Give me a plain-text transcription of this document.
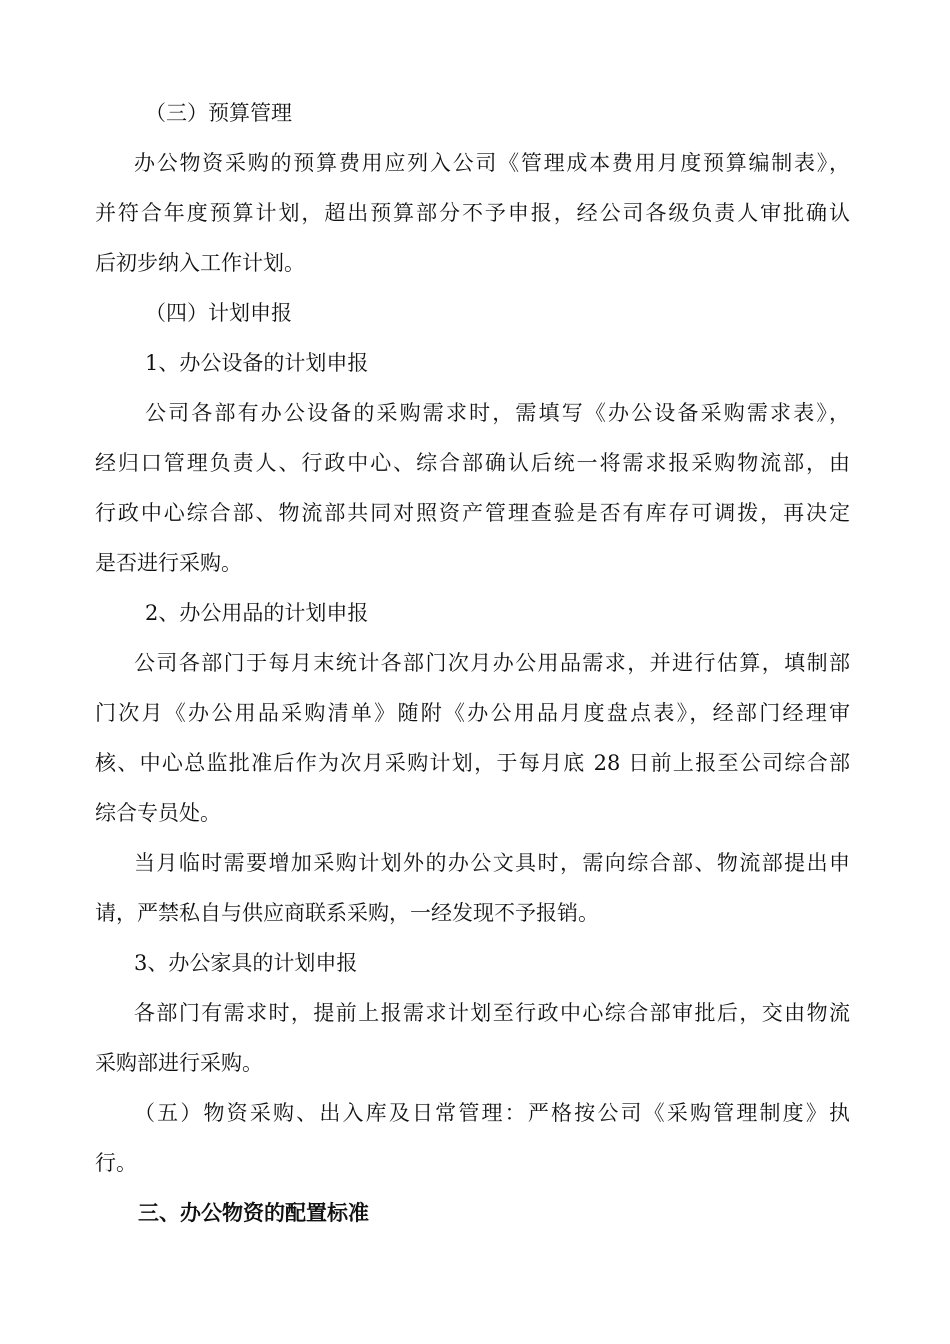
（三）预算管理
办公物资采购的预算费用应列入公司《管理成本费用月度预算编制表》，
并符合年度预算计划，超出预算部分不予申报，经公司各级负责人审批确认
后初步纳入工作计划。
（四）计划申报
1、办公设备的计划申报
公司各部有办公设备的采购需求时，需填写《办公设备采购需求表》，
经归口管理负责人、行政中心、综合部确认后统一将需求报采购物流部，由
行政中心综合部、物流部共同对照资产管理查验是否有库存可调拨，再决定
是否进行采购。
2、办公用品的计划申报
公司各部门于每月末统计各部门次月办公用品需求，并进行估算，填制部
门次月《办公用品采购清单》随附《办公用品月度盘点表》，经部门经理审
核、中心总监批准后作为次月采购计划，于每月底 28 日前上报至公司综合部
综合专员处。
当月临时需要增加采购计划外的办公文具时，需向综合部、物流部提出申
请，严禁私自与供应商联系采购，一经发现不予报销。
3、办公家具的计划申报
各部门有需求时，提前上报需求计划至行政中心综合部审批后，交由物流
采购部进行采购。
（五）物资采购、出入库及日常管理：严格按公司《采购管理制度》执
行。
三、办公物资的配置标准
